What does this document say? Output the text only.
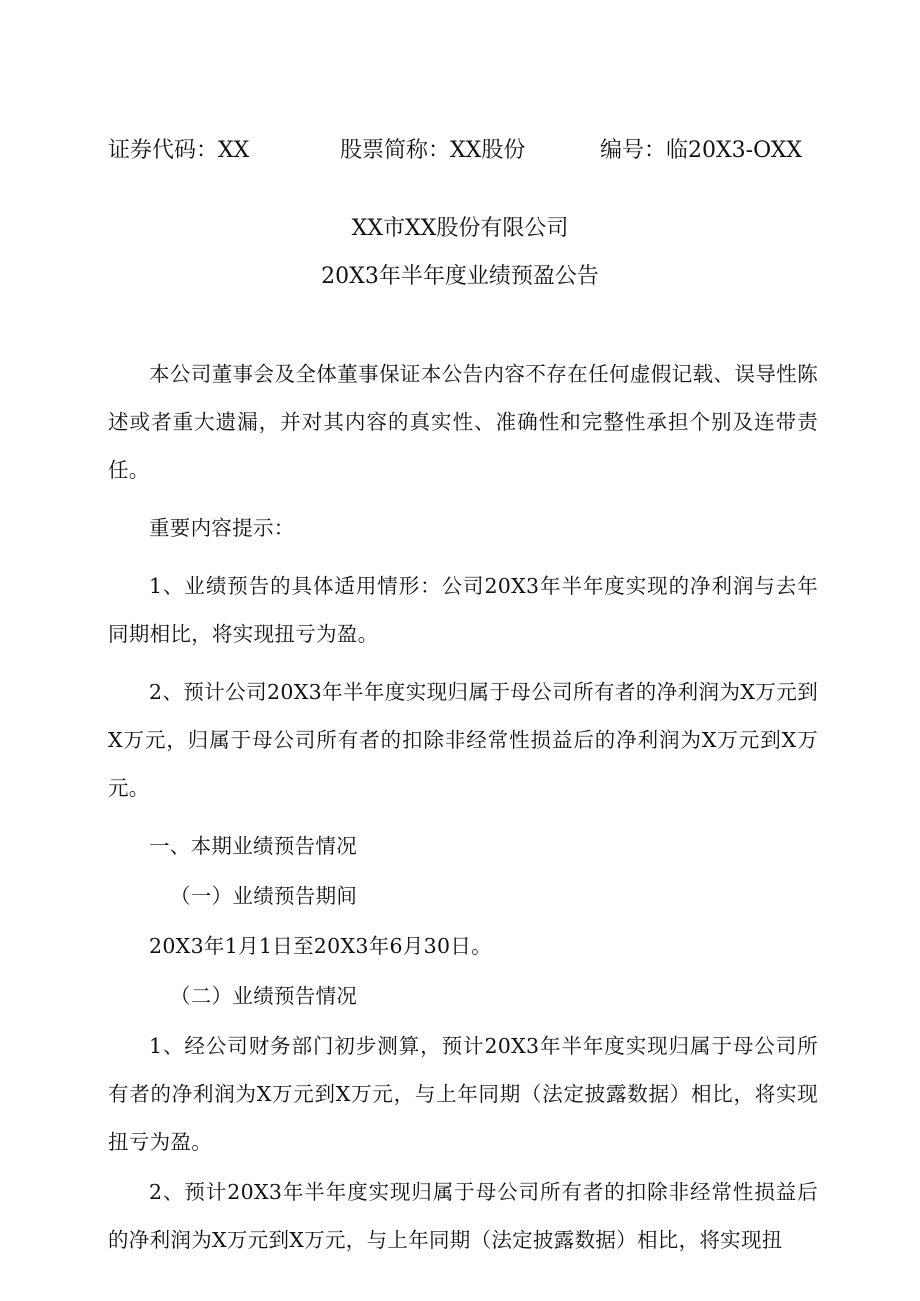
证券代码：XX	股票简称：XX股份	编号：临20X3-OXX
XX市XX股份有限公司
20X3年半年度业绩预盈公告

本公司董事会及全体董事保证本公告内容不存在任何虚假记载、误导性陈述或者重大遗漏，并对其内容的真实性、准确性和完整性承担个别及连带责任。

重要内容提示：

1、业绩预告的具体适用情形：公司20X3年半年度实现的净利润与去年同期相比，将实现扭亏为盈。

2、预计公司20X3年半年度实现归属于母公司所有者的净利润为X万元到X万元，归属于母公司所有者的扣除非经常性损益后的净利润为X万元到X万元。

一、本期业绩预告情况

（一）业绩预告期间

20X3年1月1日至20X3年6月30日。

（二）业绩预告情况

1、经公司财务部门初步测算，预计20X3年半年度实现归属于母公司所有者的净利润为X万元到X万元，与上年同期（法定披露数据）相比，将实现扭亏为盈。

2、预计20X3年半年度实现归属于母公司所有者的扣除非经常性损益后的净利润为X万元到X万元，与上年同期（法定披露数据）相比，将实现扭
